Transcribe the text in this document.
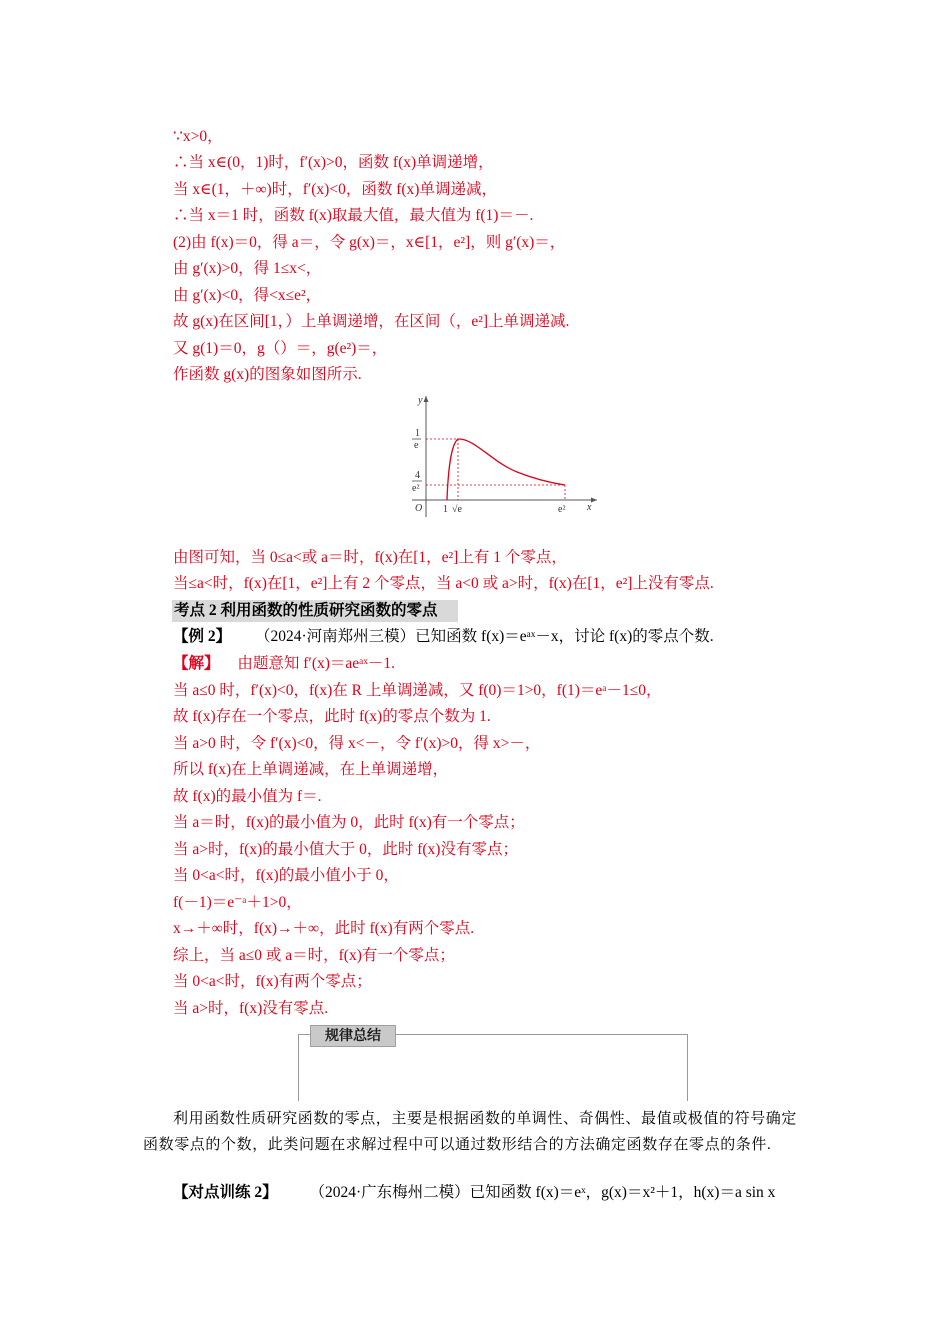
∵x>0，
∴当 x∈(0，1)时，f′(x)>0，函数 f(x)单调递增，
当 x∈(1，＋∞)时，f′(x)<0，函数 f(x)单调递减，
∴当 x＝1 时，函数 f(x)取最大值，最大值为 f(1)＝－.
(2)由 f(x)＝0，得 a＝，令 g(x)＝，x∈[1，e²]，则 g′(x)＝，
由 g′(x)>0，得 1≤x<，
由 g′(x)<0，得<x≤e²，
故 g(x)在区间[1，）上单调递增，在区间（，e²]上单调递减.
又 g(1)＝0，g（）＝，g(e²)＝，
作函数 g(x)的图象如图所示.
y
x
O
1
e
4
e²
1 √e	e²
由图可知，当 0≤a<或 a＝时，f(x)在[1，e²]上有 1 个零点，
当≤a<时，f(x)在[1，e²]上有 2 个零点，当 a<0 或 a>时，f(x)在[1，e²]上没有零点.
考点 2 利用函数的性质研究函数的零点
【例 2】 （2024·河南郑州三模）已知函数 f(x)＝eᵃˣ－x，讨论 f(x)的零点个数.
【解】 由题意知 f′(x)＝aeᵃˣ－1.
当 a≤0 时，f′(x)<0，f(x)在 R 上单调递减，又 f(0)＝1>0，f(1)＝eᵃ－1≤0，
故 f(x)存在一个零点，此时 f(x)的零点个数为 1.
当 a>0 时，令 f′(x)<0，得 x<－，令 f′(x)>0，得 x>－，
所以 f(x)在上单调递减，在上单调递增，
故 f(x)的最小值为 f＝.
当 a＝时，f(x)的最小值为 0，此时 f(x)有一个零点；
当 a>时，f(x)的最小值大于 0，此时 f(x)没有零点；
当 0<a<时，f(x)的最小值小于 0，
f(－1)＝e⁻ᵃ＋1>0，
x→＋∞时，f(x)→＋∞，此时 f(x)有两个零点.
综上，当 a≤0 或 a＝时，f(x)有一个零点；
当 0<a<时，f(x)有两个零点；
当 a>时，f(x)没有零点.
规律总结
利用函数性质研究函数的零点，主要是根据函数的单调性、奇偶性、最值或极值的符号确定函数零点的个数，此类问题在求解过程中可以通过数形结合的方法确定函数存在零点的条件.
【对点训练 2】 （2024·广东梅州二模）已知函数 f(x)＝eˣ，g(x)＝x²＋1，h(x)＝a sin x
